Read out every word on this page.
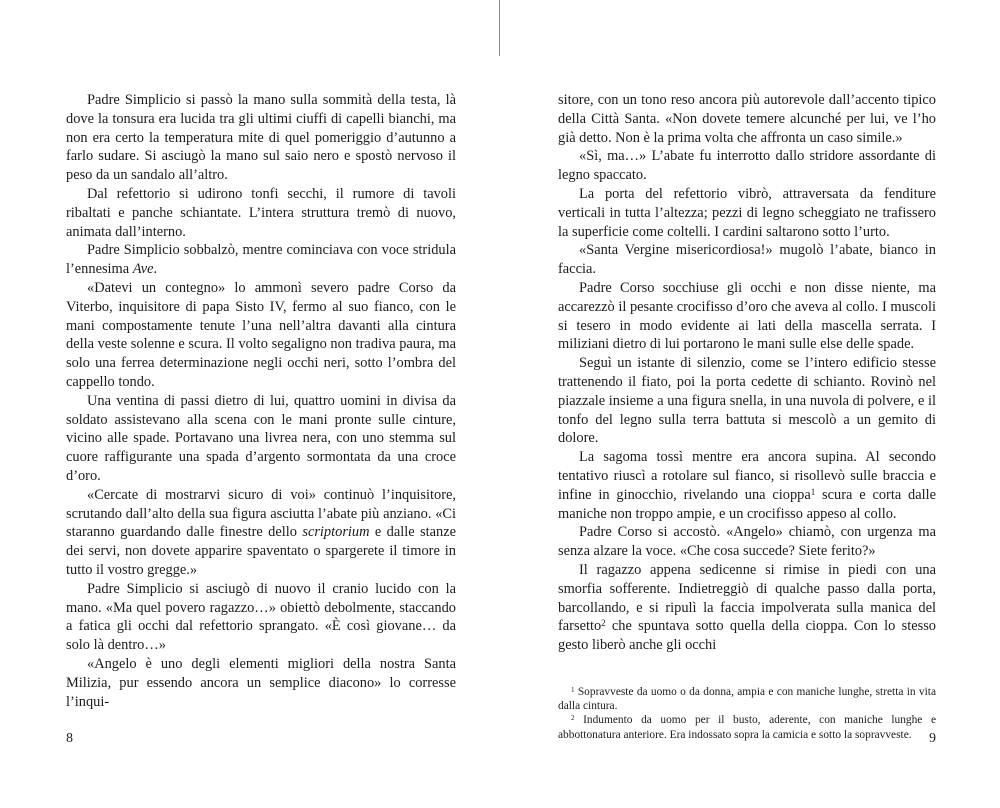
Padre Simplicio si passò la mano sulla sommità della testa, là dove la tonsura era lucida tra gli ultimi ciuffi di capelli bianchi, ma non era certo la temperatura mite di quel pomeriggio d’autunno a farlo sudare. Si asciugò la mano sul saio nero e spostò nervoso il peso da un sandalo all’altro.

Dal refettorio si udirono tonfi secchi, il rumore di tavoli ribaltati e panche schiantate. L’intera struttura tremò di nuovo, animata dall’interno.

Padre Simplicio sobbalzò, mentre cominciava con voce stridula l’ennesima Ave.

«Datevi un contegno» lo ammonì severo padre Corso da Viterbo, inquisitore di papa Sisto IV, fermo al suo fianco, con le mani compostamente tenute l’una nell’altra davanti alla cintura della veste solenne e scura. Il volto segaligno non tradiva paura, ma solo una ferrea determinazione negli occhi neri, sotto l’ombra del cappello tondo.

Una ventina di passi dietro di lui, quattro uomini in divisa da soldato assistevano alla scena con le mani pronte sulle cinture, vicino alle spade. Portavano una livrea nera, con uno stemma sul cuore raffigurante una spada d’argento sormontata da una croce d’oro.

«Cercate di mostrarvi sicuro di voi» continuò l’inquisitore, scrutando dall’alto della sua figura asciutta l’abate più anziano. «Ci staranno guardando dalle finestre dello scriptorium e dalle stanze dei servi, non dovete apparire spaventato o spargerete il timore in tutto il vostro gregge.»

Padre Simplicio si asciugò di nuovo il cranio lucido con la mano. «Ma quel povero ragazzo…» obiettò debolmente, staccando a fatica gli occhi dal refettorio sprangato. «È così giovane… da solo là dentro…»

«Angelo è uno degli elementi migliori della nostra Santa Milizia, pur essendo ancora un semplice diacono» lo corresse l’inqui-

8

sitore, con un tono reso ancora più autorevole dall’accento tipico della Città Santa. «Non dovete temere alcunché per lui, ve l’ho già detto. Non è la prima volta che affronta un caso simile.»

«Sì, ma…» L’abate fu interrotto dallo stridore assordante di legno spaccato.

La porta del refettorio vibrò, attraversata da fenditure verticali in tutta l’altezza; pezzi di legno scheggiato ne trafissero la superficie come coltelli. I cardini saltarono sotto l’urto.

«Santa Vergine misericordiosa!» mugolò l’abate, bianco in faccia.

Padre Corso socchiuse gli occhi e non disse niente, ma accarezzò il pesante crocifisso d’oro che aveva al collo. I muscoli si tesero in modo evidente ai lati della mascella serrata. I miliziani dietro di lui portarono le mani sulle else delle spade.

Seguì un istante di silenzio, come se l’intero edificio stesse trattenendo il fiato, poi la porta cedette di schianto. Rovinò nel piazzale insieme a una figura snella, in una nuvola di polvere, e il tonfo del legno sulla terra battuta si mescolò a un gemito di dolore.

La sagoma tossì mentre era ancora supina. Al secondo tentativo riuscì a rotolare sul fianco, si risollevò sulle braccia e infine in ginocchio, rivelando una cioppa$^1$ scura e corta dalle maniche non troppo ampie, e un crocifisso appeso al collo.

Padre Corso si accostò. «Angelo» chiamò, con urgenza ma senza alzare la voce. «Che cosa succede? Siete ferito?»

Il ragazzo appena sedicenne si rimise in piedi con una smorfia sofferente. Indietreggiò di qualche passo dalla porta, barcollando, e si ripulì la faccia impolverata sulla manica del farsetto$^2$ che spuntava sotto quella della cioppa. Con lo stesso gesto liberò anche gli occhi

$^1$ Sopravveste da uomo o da donna, ampia e con maniche lunghe, stretta in vita dalla cintura.

$^2$ Indumento da uomo per il busto, aderente, con maniche lunghe e abbottonatura anteriore. Era indossato sopra la camicia e sotto la sopravveste.	9
